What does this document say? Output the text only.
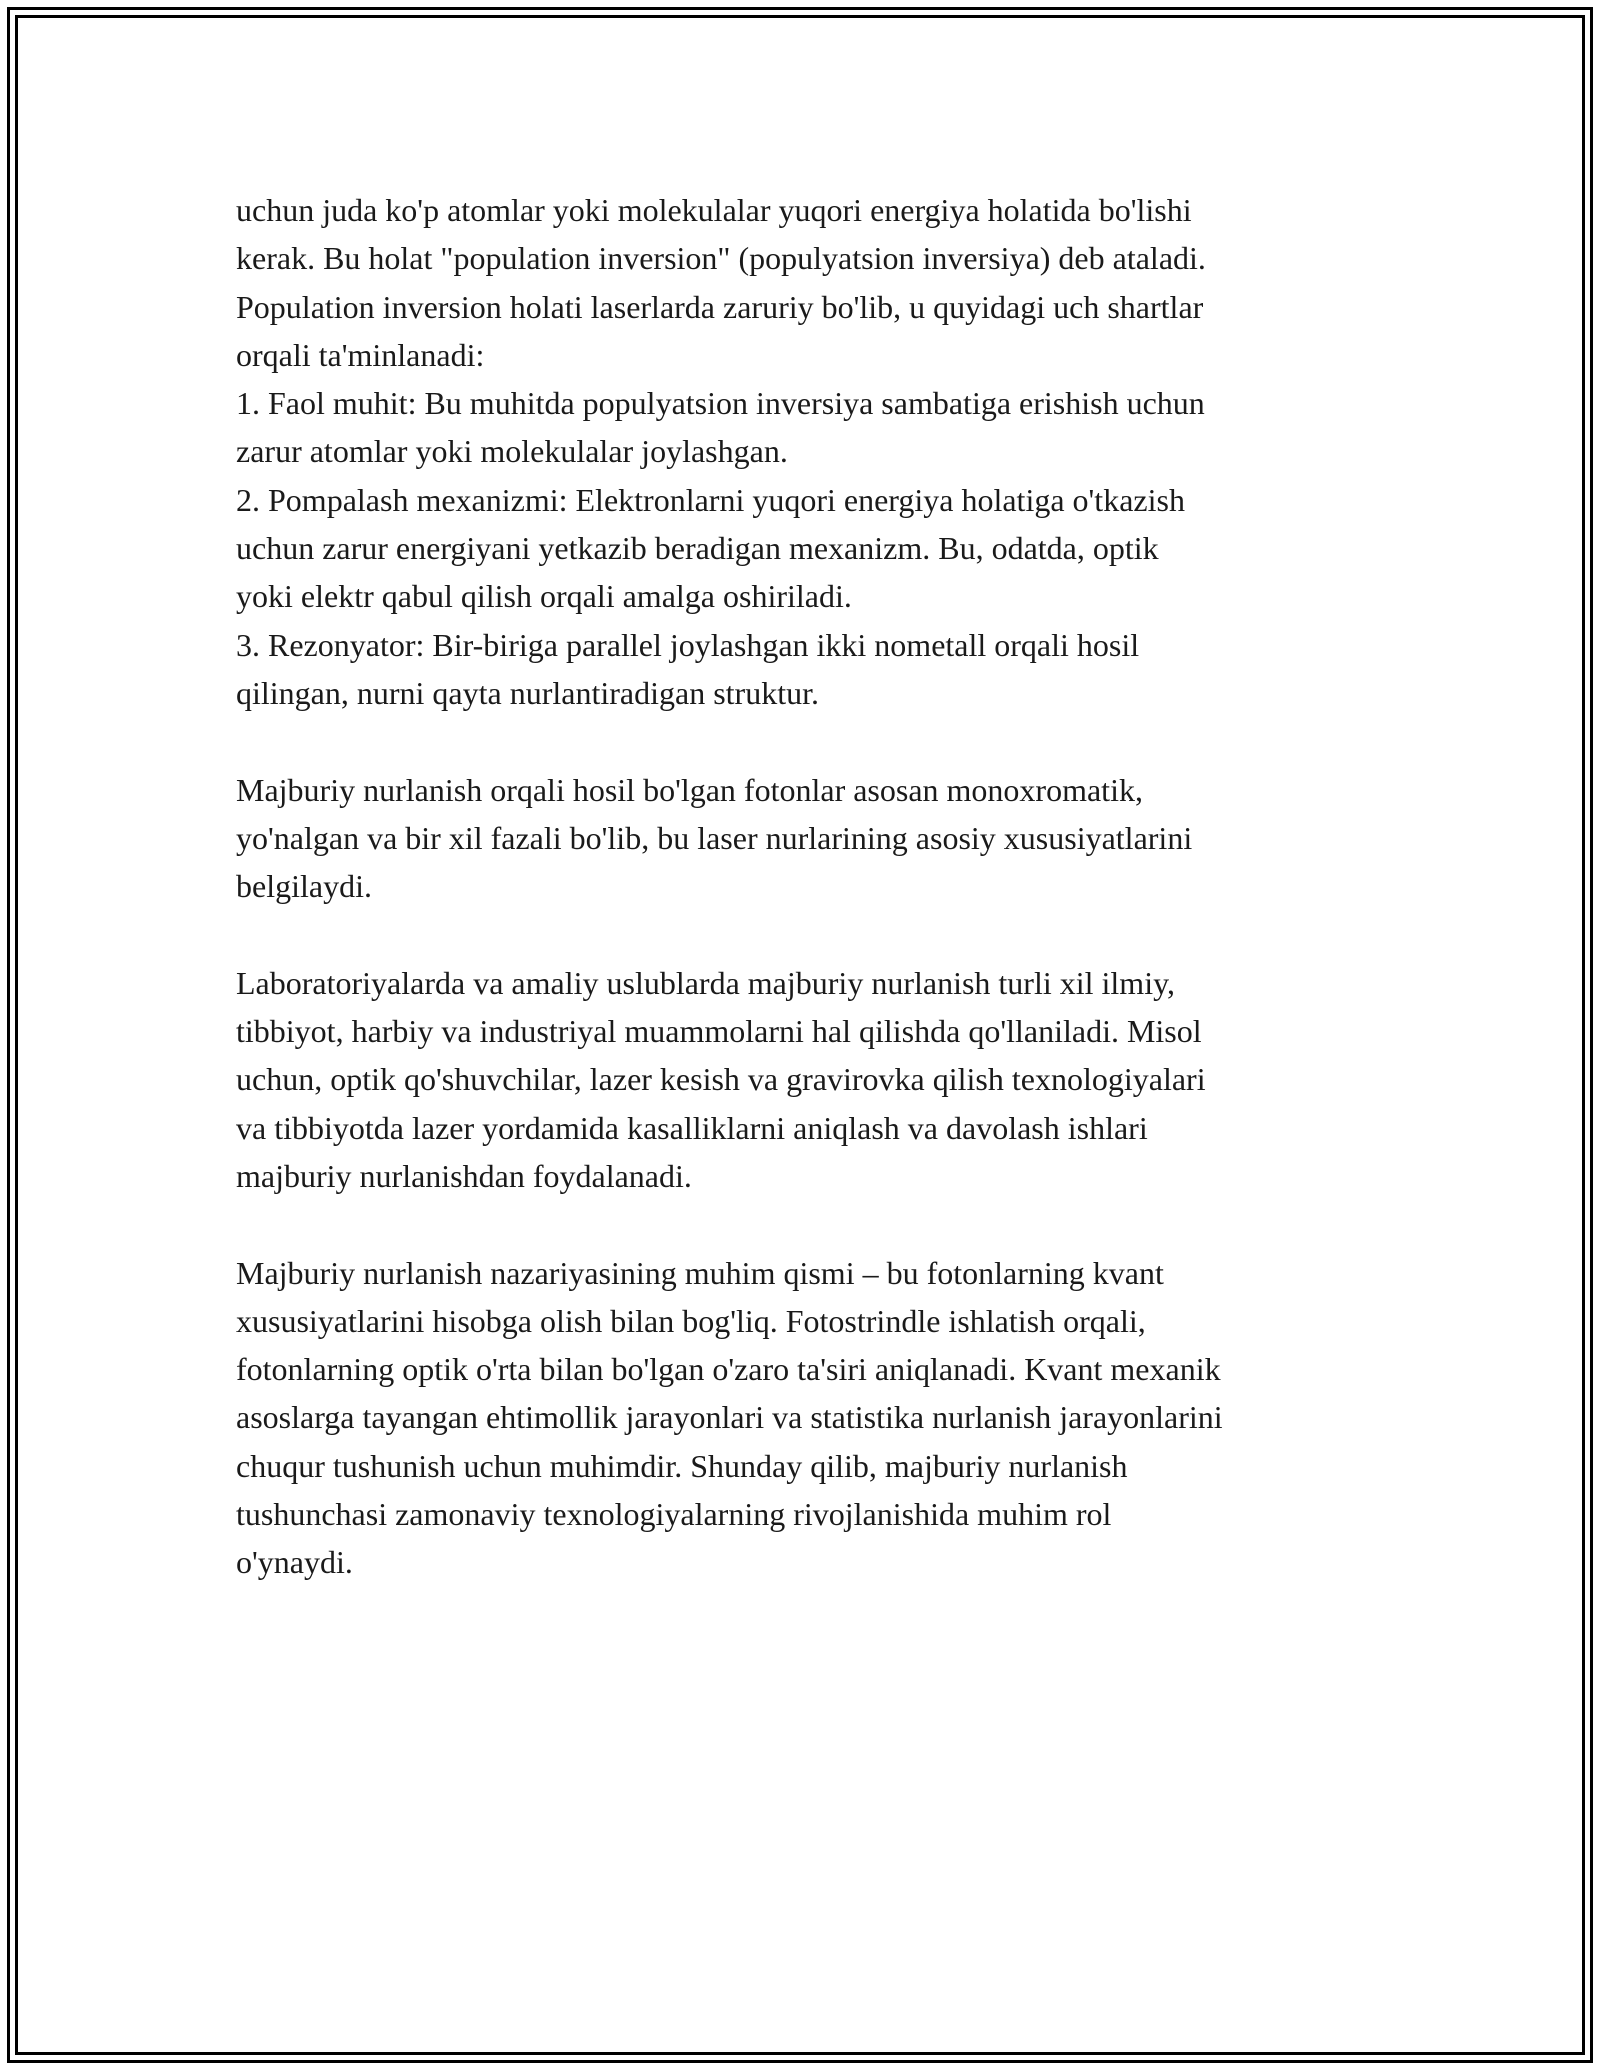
uchun juda ko'p atomlar yoki molekulalar yuqori energiya holatida bo'lishi
kerak. Bu holat "population inversion" (populyatsion inversiya) deb ataladi.
Population inversion holati laserlarda zaruriy bo'lib, u quyidagi uch shartlar
orqali ta'minlanadi:
1. Faol muhit: Bu muhitda populyatsion inversiya sambatiga erishish uchun
zarur atomlar yoki molekulalar joylashgan.
2. Pompalash mexanizmi: Elektronlarni yuqori energiya holatiga o'tkazish
uchun zarur energiyani yetkazib beradigan mexanizm. Bu, odatda, optik
yoki elektr qabul qilish orqali amalga oshiriladi.
3. Rezonyator: Bir-biriga parallel joylashgan ikki nometall orqali hosil
qilingan, nurni qayta nurlantiradigan struktur.
Majburiy nurlanish orqali hosil bo'lgan fotonlar asosan monoxromatik,
yo'nalgan va bir xil fazali bo'lib, bu laser nurlarining asosiy xususiyatlarini
belgilaydi.
Laboratoriyalarda va amaliy uslublarda majburiy nurlanish turli xil ilmiy,
tibbiyot, harbiy va industriyal muammolarni hal qilishda qo'llaniladi. Misol
uchun, optik qo'shuvchilar, lazer kesish va gravirovka qilish texnologiyalari
va tibbiyotda lazer yordamida kasalliklarni aniqlash va davolash ishlari
majburiy nurlanishdan foydalanadi.
Majburiy nurlanish nazariyasining muhim qismi – bu fotonlarning kvant
xususiyatlarini hisobga olish bilan bog'liq. Fotostrindle ishlatish orqali,
fotonlarning optik o'rta bilan bo'lgan o'zaro ta'siri aniqlanadi. Kvant mexanik
asoslarga tayangan ehtimollik jarayonlari va statistika nurlanish jarayonlarini
chuqur tushunish uchun muhimdir. Shunday qilib, majburiy nurlanish
tushunchasi zamonaviy texnologiyalarning rivojlanishida muhim rol
o'ynaydi.
